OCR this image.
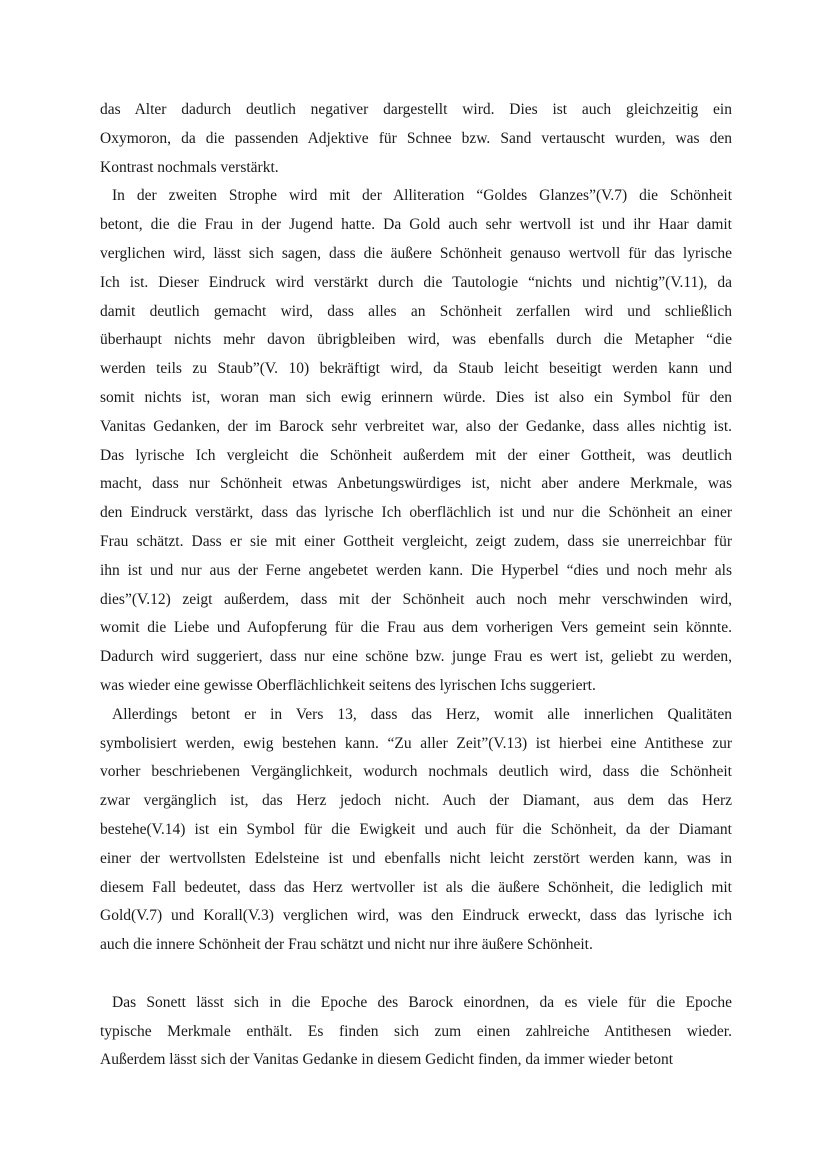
das Alter dadurch deutlich negativer dargestellt wird. Dies ist auch gleichzeitig ein
Oxymoron, da die passenden Adjektive für Schnee bzw. Sand vertauscht wurden, was den
Kontrast nochmals verstärkt.
In der zweiten Strophe wird mit der Alliteration “Goldes Glanzes”(V.7) die Schönheit
betont, die die Frau in der Jugend hatte. Da Gold auch sehr wertvoll ist und ihr Haar damit
verglichen wird, lässt sich sagen, dass die äußere Schönheit genauso wertvoll für das lyrische
Ich ist. Dieser Eindruck wird verstärkt durch die Tautologie “nichts und nichtig”(V.11), da
damit deutlich gemacht wird, dass alles an Schönheit zerfallen wird und schließlich
überhaupt nichts mehr davon übrigbleiben wird, was ebenfalls durch die Metapher “die
werden teils zu Staub”(V. 10) bekräftigt wird, da Staub leicht beseitigt werden kann und
somit nichts ist, woran man sich ewig erinnern würde. Dies ist also ein Symbol für den
Vanitas Gedanken, der im Barock sehr verbreitet war, also der Gedanke, dass alles nichtig ist.
Das lyrische Ich vergleicht die Schönheit außerdem mit der einer Gottheit, was deutlich
macht, dass nur Schönheit etwas Anbetungswürdiges ist, nicht aber andere Merkmale, was
den Eindruck verstärkt, dass das lyrische Ich oberflächlich ist und nur die Schönheit an einer
Frau schätzt. Dass er sie mit einer Gottheit vergleicht, zeigt zudem, dass sie unerreichbar für
ihn ist und nur aus der Ferne angebetet werden kann. Die Hyperbel “dies und noch mehr als
dies”(V.12) zeigt außerdem, dass mit der Schönheit auch noch mehr verschwinden wird,
womit die Liebe und Aufopferung für die Frau aus dem vorherigen Vers gemeint sein könnte.
Dadurch wird suggeriert, dass nur eine schöne bzw. junge Frau es wert ist, geliebt zu werden,
was wieder eine gewisse Oberflächlichkeit seitens des lyrischen Ichs suggeriert.
Allerdings betont er in Vers 13, dass das Herz, womit alle innerlichen Qualitäten
symbolisiert werden, ewig bestehen kann. “Zu aller Zeit”(V.13) ist hierbei eine Antithese zur
vorher beschriebenen Vergänglichkeit, wodurch nochmals deutlich wird, dass die Schönheit
zwar vergänglich ist, das Herz jedoch nicht. Auch der Diamant, aus dem das Herz
bestehe(V.14) ist ein Symbol für die Ewigkeit und auch für die Schönheit, da der Diamant
einer der wertvollsten Edelsteine ist und ebenfalls nicht leicht zerstört werden kann, was in
diesem Fall bedeutet, dass das Herz wertvoller ist als die äußere Schönheit, die lediglich mit
Gold(V.7) und Korall(V.3) verglichen wird, was den Eindruck erweckt, dass das lyrische ich
auch die innere Schönheit der Frau schätzt und nicht nur ihre äußere Schönheit.
Das Sonett lässt sich in die Epoche des Barock einordnen, da es viele für die Epoche
typische Merkmale enthält. Es finden sich zum einen zahlreiche Antithesen wieder.
Außerdem lässt sich der Vanitas Gedanke in diesem Gedicht finden, da immer wieder betont
